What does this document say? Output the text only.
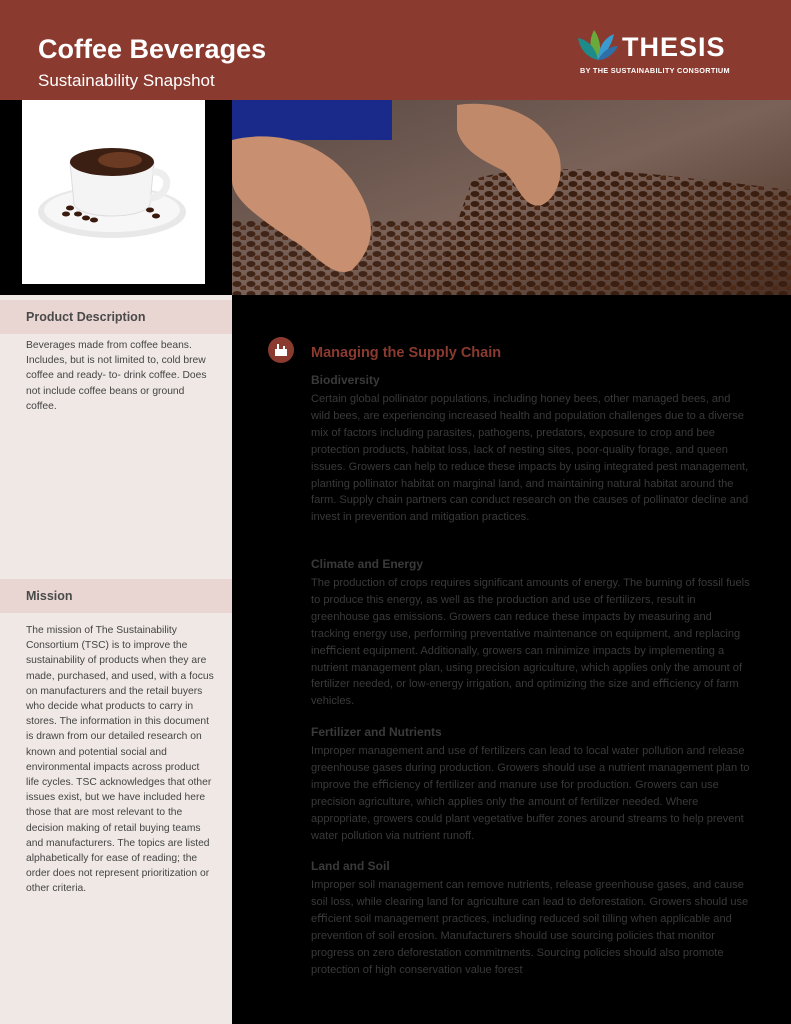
Coffee Beverages
Sustainability Snapshot
THESIS
BY THE SUSTAINABILITY CONSORTIUM
Product Description
Beverages made from coffee beans. Includes, but is not limited to, cold brew coffee and ready- to- drink coffee. Does not include coffee beans or ground coffee.
Mission
The mission of The Sustainability Consortium (TSC) is to improve the sustainability of products when they are made, purchased, and used, with a focus on manufacturers and the retail buyers who decide what products to carry in stores. The information in this document is drawn from our detailed research on known and potential social and environmental impacts across product life cycles. TSC acknowledges that other issues exist, but we have included here those that are most relevant to the decision making of retail buying teams and manufacturers. The topics are listed alphabetically for ease of reading; the order does not represent prioritization or other criteria.
Managing the Supply Chain
Biodiversity
Certain global pollinator populations, including honey bees, other managed bees, and wild bees, are experiencing increased health and population challenges due to a diverse mix of factors including parasites, pathogens, predators, exposure to crop and bee protection products, habitat loss, lack of nesting sites, poor-quality forage, and queen issues. Growers can help to reduce these impacts by using integrated pest management, planting pollinator habitat on marginal land, and maintaining natural habitat around the farm. Supply chain partners can conduct research on the causes of pollinator decline and invest in prevention and mitigation practices.
Climate and Energy
The production of crops requires signiﬁcant amounts of energy. The burning of fossil fuels to produce this energy, as well as the production and use of fertilizers, result in greenhouse gas emissions. Growers can reduce these impacts by measuring and tracking energy use, performing preventative maintenance on equipment, and replacing ineﬃcient equipment. Additionally, growers can minimize impacts by implementing a nutrient management plan, using precision agriculture, which applies only the amount of fertilizer needed, or low-energy irrigation, and optimizing the size and eﬃciency of farm vehicles.
Fertilizer and Nutrients
Improper management and use of fertilizers can lead to local water pollution and release greenhouse gases during production. Growers should use a nutrient management plan to improve the eﬃciency of fertilizer and manure use for production. Growers can use precision agriculture, which applies only the amount of fertilizer needed. Where appropriate, growers could plant vegetative buffer zones around streams to help prevent water pollution via nutrient runoff.
Land and Soil
Improper soil management can remove nutrients, release greenhouse gases, and cause soil loss, while clearing land for agriculture can lead to deforestation. Growers should use eﬃcient soil management practices, including reduced soil tilling when applicable and prevention of soil erosion. Manufacturers should use sourcing policies that monitor progress on zero deforestation commitments. Sourcing policies should also promote protection of high conservation value forest
